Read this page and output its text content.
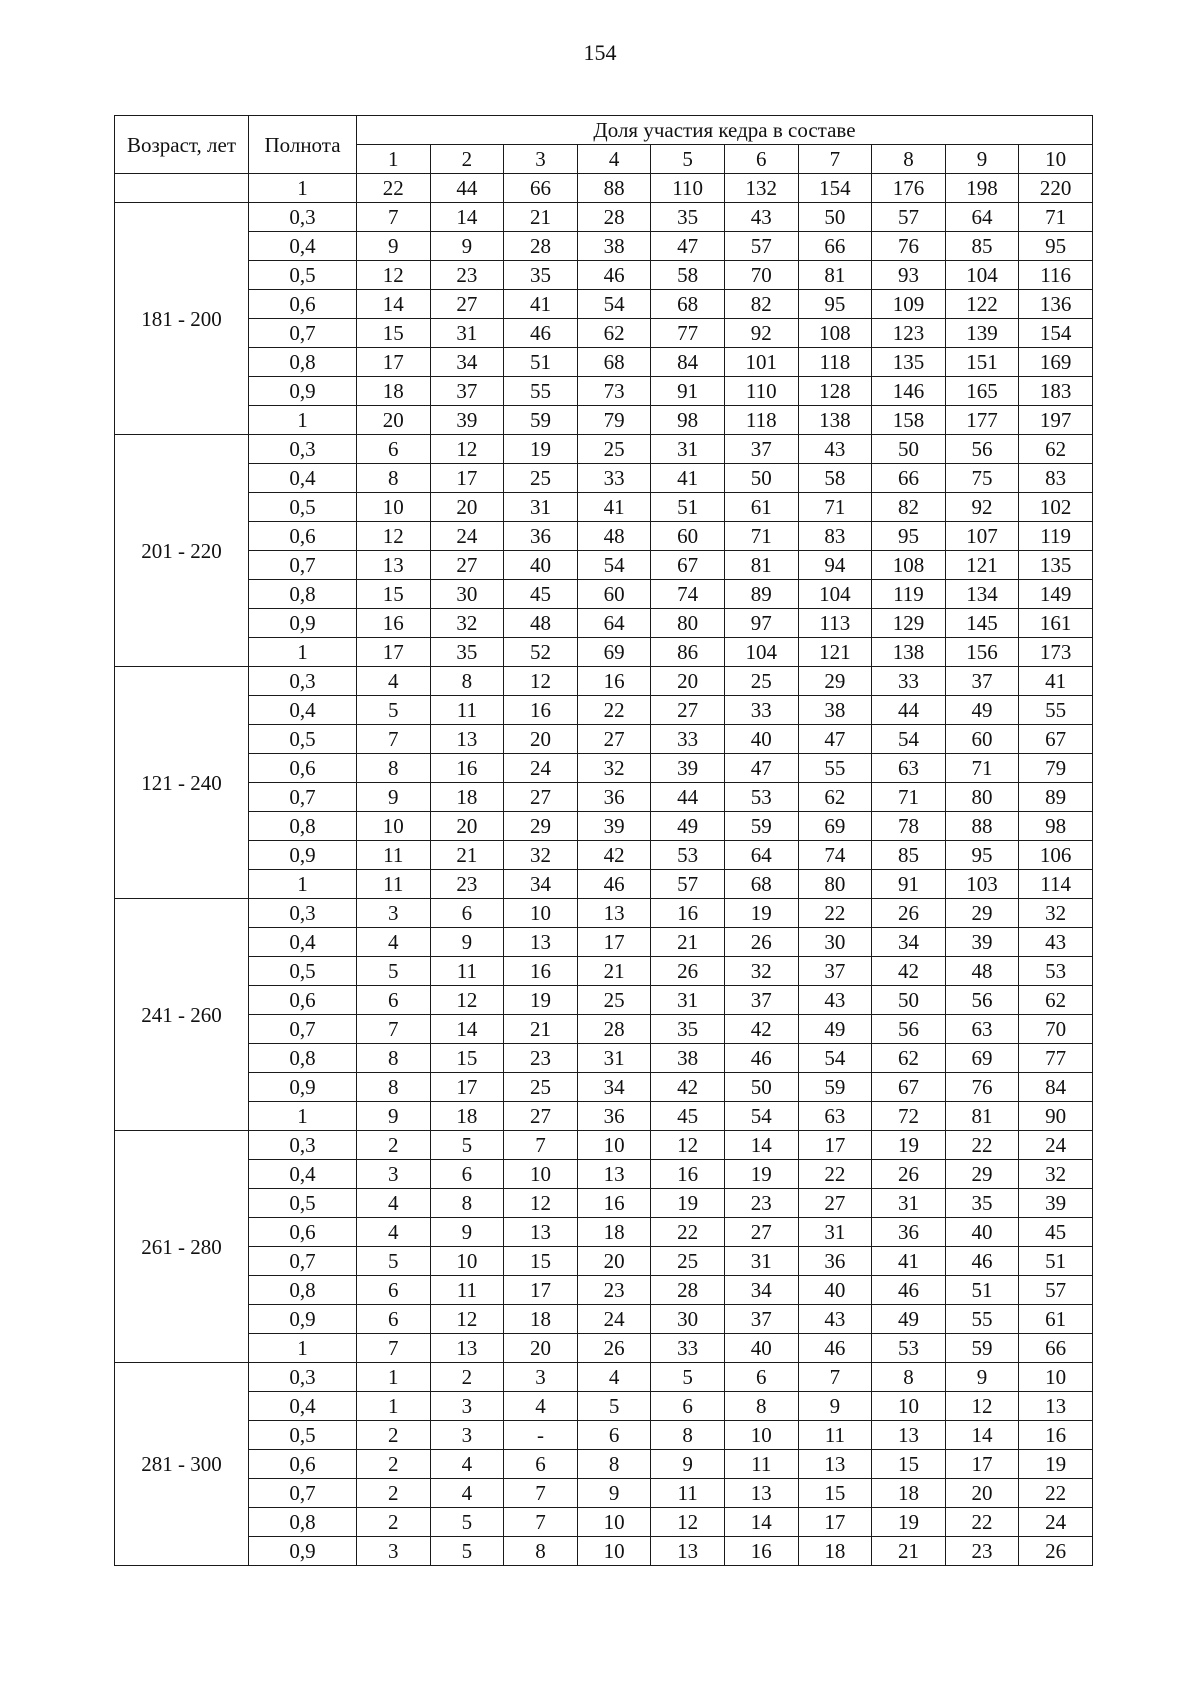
154
Возраст, лет	Полнота	Доля участия кедра в составе									
		1	2	3	4	5	6	7	8	9	10
	1	22	44	66	88	110	132	154	176	198	220
181 - 200	0,3	7	14	21	28	35	43	50	57	64	71
	0,4	9	9	28	38	47	57	66	76	85	95
	0,5	12	23	35	46	58	70	81	93	104	116
	0,6	14	27	41	54	68	82	95	109	122	136
	0,7	15	31	46	62	77	92	108	123	139	154
	0,8	17	34	51	68	84	101	118	135	151	169
	0,9	18	37	55	73	91	110	128	146	165	183
	1	20	39	59	79	98	118	138	158	177	197
201 - 220	0,3	6	12	19	25	31	37	43	50	56	62
	0,4	8	17	25	33	41	50	58	66	75	83
	0,5	10	20	31	41	51	61	71	82	92	102
	0,6	12	24	36	48	60	71	83	95	107	119
	0,7	13	27	40	54	67	81	94	108	121	135
	0,8	15	30	45	60	74	89	104	119	134	149
	0,9	16	32	48	64	80	97	113	129	145	161
	1	17	35	52	69	86	104	121	138	156	173
121 - 240	0,3	4	8	12	16	20	25	29	33	37	41
	0,4	5	11	16	22	27	33	38	44	49	55
	0,5	7	13	20	27	33	40	47	54	60	67
	0,6	8	16	24	32	39	47	55	63	71	79
	0,7	9	18	27	36	44	53	62	71	80	89
	0,8	10	20	29	39	49	59	69	78	88	98
	0,9	11	21	32	42	53	64	74	85	95	106
	1	11	23	34	46	57	68	80	91	103	114
241 - 260	0,3	3	6	10	13	16	19	22	26	29	32
	0,4	4	9	13	17	21	26	30	34	39	43
	0,5	5	11	16	21	26	32	37	42	48	53
	0,6	6	12	19	25	31	37	43	50	56	62
	0,7	7	14	21	28	35	42	49	56	63	70
	0,8	8	15	23	31	38	46	54	62	69	77
	0,9	8	17	25	34	42	50	59	67	76	84
	1	9	18	27	36	45	54	63	72	81	90
261 - 280	0,3	2	5	7	10	12	14	17	19	22	24
	0,4	3	6	10	13	16	19	22	26	29	32
	0,5	4	8	12	16	19	23	27	31	35	39
	0,6	4	9	13	18	22	27	31	36	40	45
	0,7	5	10	15	20	25	31	36	41	46	51
	0,8	6	11	17	23	28	34	40	46	51	57
	0,9	6	12	18	24	30	37	43	49	55	61
	1	7	13	20	26	33	40	46	53	59	66
281 - 300	0,3	1	2	3	4	5	6	7	8	9	10
	0,4	1	3	4	5	6	8	9	10	12	13
	0,5	2	3	-	6	8	10	11	13	14	16
	0,6	2	4	6	8	9	11	13	15	17	19
	0,7	2	4	7	9	11	13	15	18	20	22
	0,8	2	5	7	10	12	14	17	19	22	24
	0,9	3	5	8	10	13	16	18	21	23	26
